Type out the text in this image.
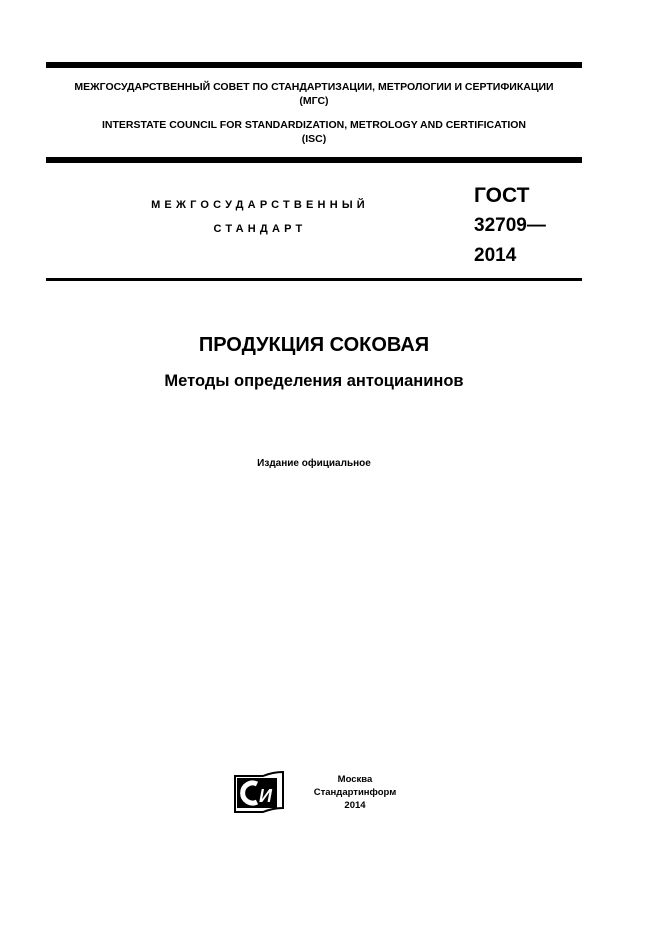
МЕЖГОСУДАРСТВЕННЫЙ СОВЕТ ПО СТАНДАРТИЗАЦИИ, МЕТРОЛОГИИ И СЕРТИФИКАЦИИ
(МГС)
INTERSTATE COUNCIL FOR STANDARDIZATION, METROLOGY AND CERTIFICATION
(ISC)
МЕЖГОСУДАРСТВЕННЫЙ
СТАНДАРТ
ГОСТ
32709—
2014
ПРОДУКЦИЯ СОКОВАЯ
Методы определения антоцианинов
Издание официальное
И
Москва
Стандартинформ
2014
